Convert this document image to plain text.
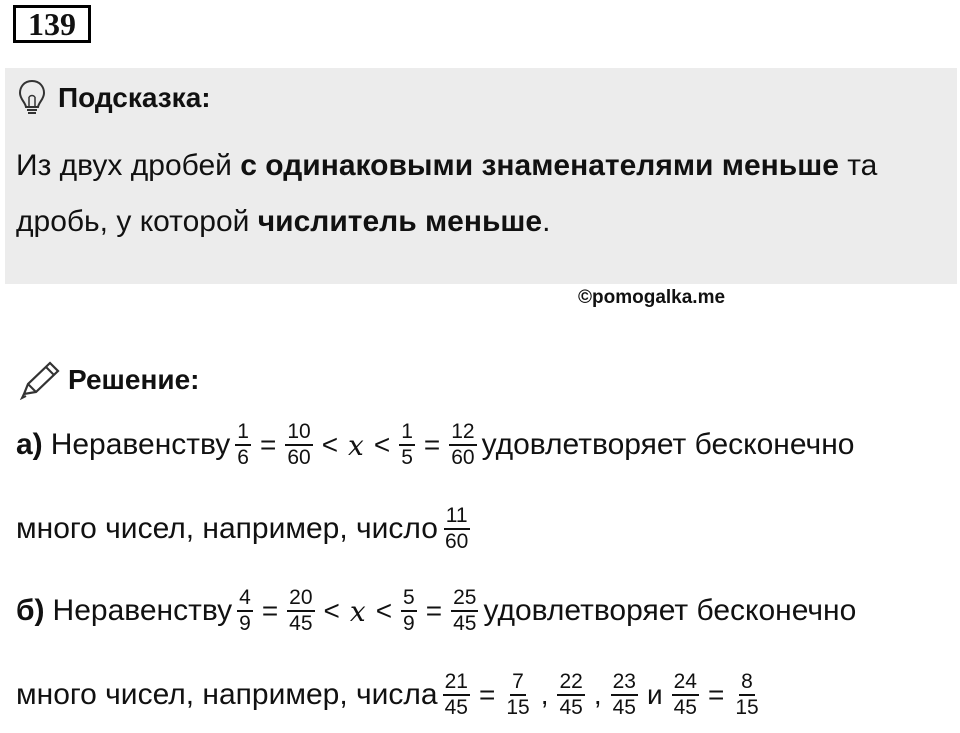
139
Подсказка:
Из двух дробей с одинаковыми знаменателями меньше та дробь, у которой числитель меньше.
©pomogalka.me
Решение:
а) Неравенству $\frac{1}{6} = \frac{10}{60} < x < \frac{1}{5} = \frac{12}{60}$ удовлетворяет бесконечно
много чисел, например, число $\frac{11}{60}$
б) Неравенству $\frac{4}{9} = \frac{20}{45} < x < \frac{5}{9} = \frac{25}{45}$ удовлетворяет бесконечно
много чисел, например, числа $\frac{21}{45} = \frac{7}{15}$ , $\frac{22}{45}$ , $\frac{23}{45}$ и $\frac{24}{45} = \frac{8}{15}$
